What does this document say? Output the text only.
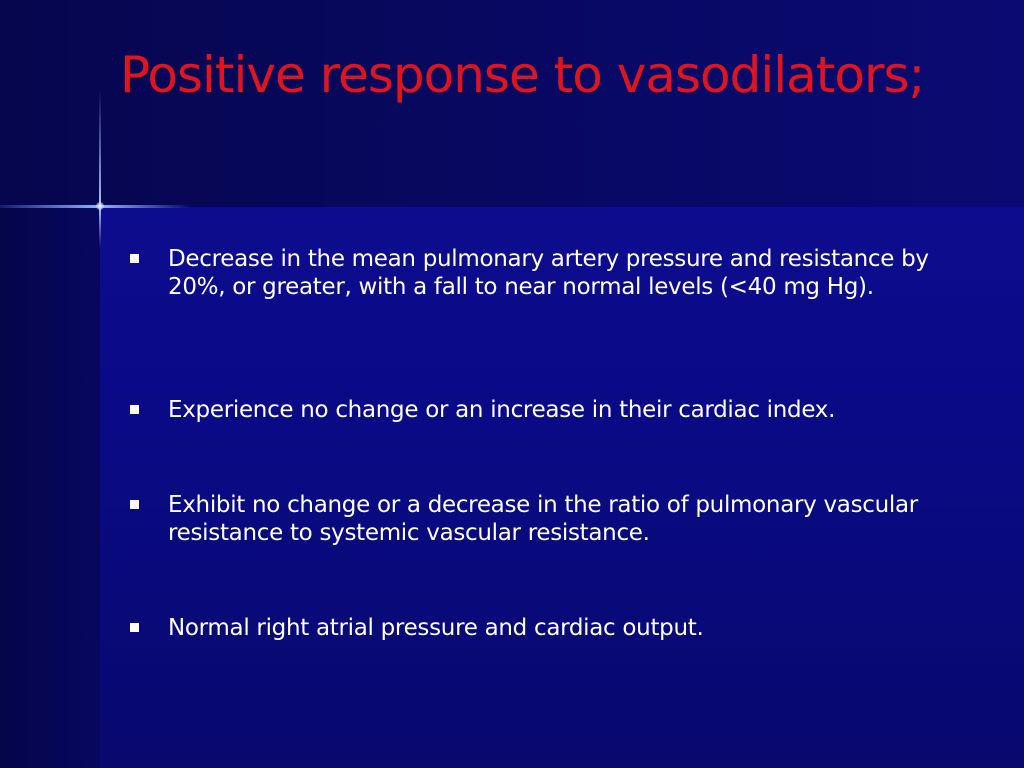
Positive response to vasodilators;
Decrease in the mean pulmonary artery pressure and resistance by 20%, or greater, with a fall to near normal levels (<40 mg Hg).
Experience no change or an increase in their cardiac index.
Exhibit no change or a decrease in the ratio of pulmonary vascular resistance to systemic vascular resistance.
Normal right atrial pressure and cardiac output.
